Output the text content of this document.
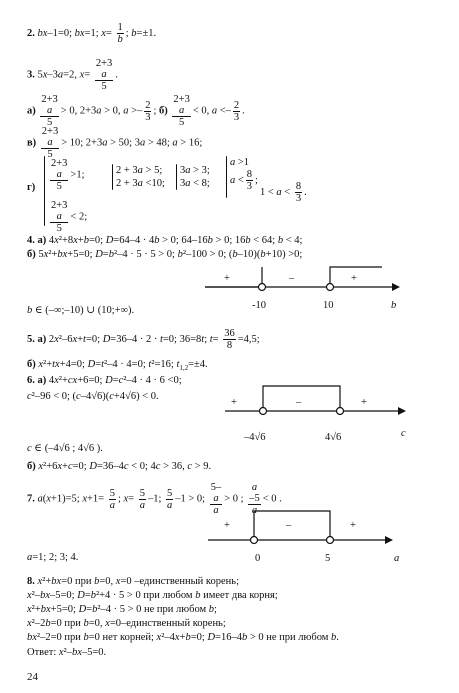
2. bx–1=0; bx=1; $x= \frac{1}{b}$ ; b=±1.
3. 5x–3a=2, x= 2+3
a
5 .
а) 2+3
a
5 > 0, 2+3a > 0, $a >- \frac{2}{3}$ ; б) 2+3
a
5 < 0, $a <- \frac{2}{3}$ .
в) 2+3
a
5 > 10; 2+3a > 50; 3a > 48; a > 16;
г) 2+3
a
5 >1;
2+3
a
5 < 2;
2 + 3a > 5;
2 + 3a <10;
3a > 3;
3a < 8;
a >1
$a < \frac{8}{3}$ ;
$1 < a < \frac{8}{3}$ .
4. а) 4x²+8x+b=0; D=64–4 · 4b > 0; 64–16b > 0; 16b < 64; b < 4;
б) 5x²+bx+5=0; D=b²–4 · 5 · 5 > 0; b²–100 > 0; (b–10)(b+10) >0;
+	–	+
-10	10	b
b ∈ (–∞;–10) ∪ (10;+∞).
5. а) 2x²–6x+t=0; D=36–4 · 2 · t=0; 36=8t; $t= \frac{36}{8} =4,5$;
б) x²+tx+4=0; D=t²–4 · 4=0; t²=16; $t_{1,2}=\pm 4$.
6. а) 4x²+cx+6=0; D=c²–4 · 4 · 6 <0;
c²–96 < 0; (c–4√6)(c+4√6) < 0.
+	–	+
–4√6	4√6	c
c ∈ (–4√6 ; 4√6 ).
б) x²+6x+c=0; D=36–4c < 0; 4c > 36, c > 9.
7. a(x+1)=5; $x+1= \frac{5}{a}$ ; $x= \frac{5}{a} -1$; $\frac{5}{a} -1 > 0$; 5–
a
a > 0 ; a
–5
a < 0 .
+	–	+
0	5	a
a=1; 2; 3; 4.
8. x²+bx=0 при b=0, x=0 –единственный корень;
x²–bx–5=0; D=b²+4 · 5 > 0 при любом b имеет два корня;
x²+bx+5=0; D=b²–4 · 5 > 0 не при любом b;
x²–2b=0 при b=0, x=0–единственный корень;
bx²–2=0 при b=0 нет корней; x²–4x+b=0; D=16–4b > 0 не при любом b.
Ответ: x²–bx–5=0.
24
